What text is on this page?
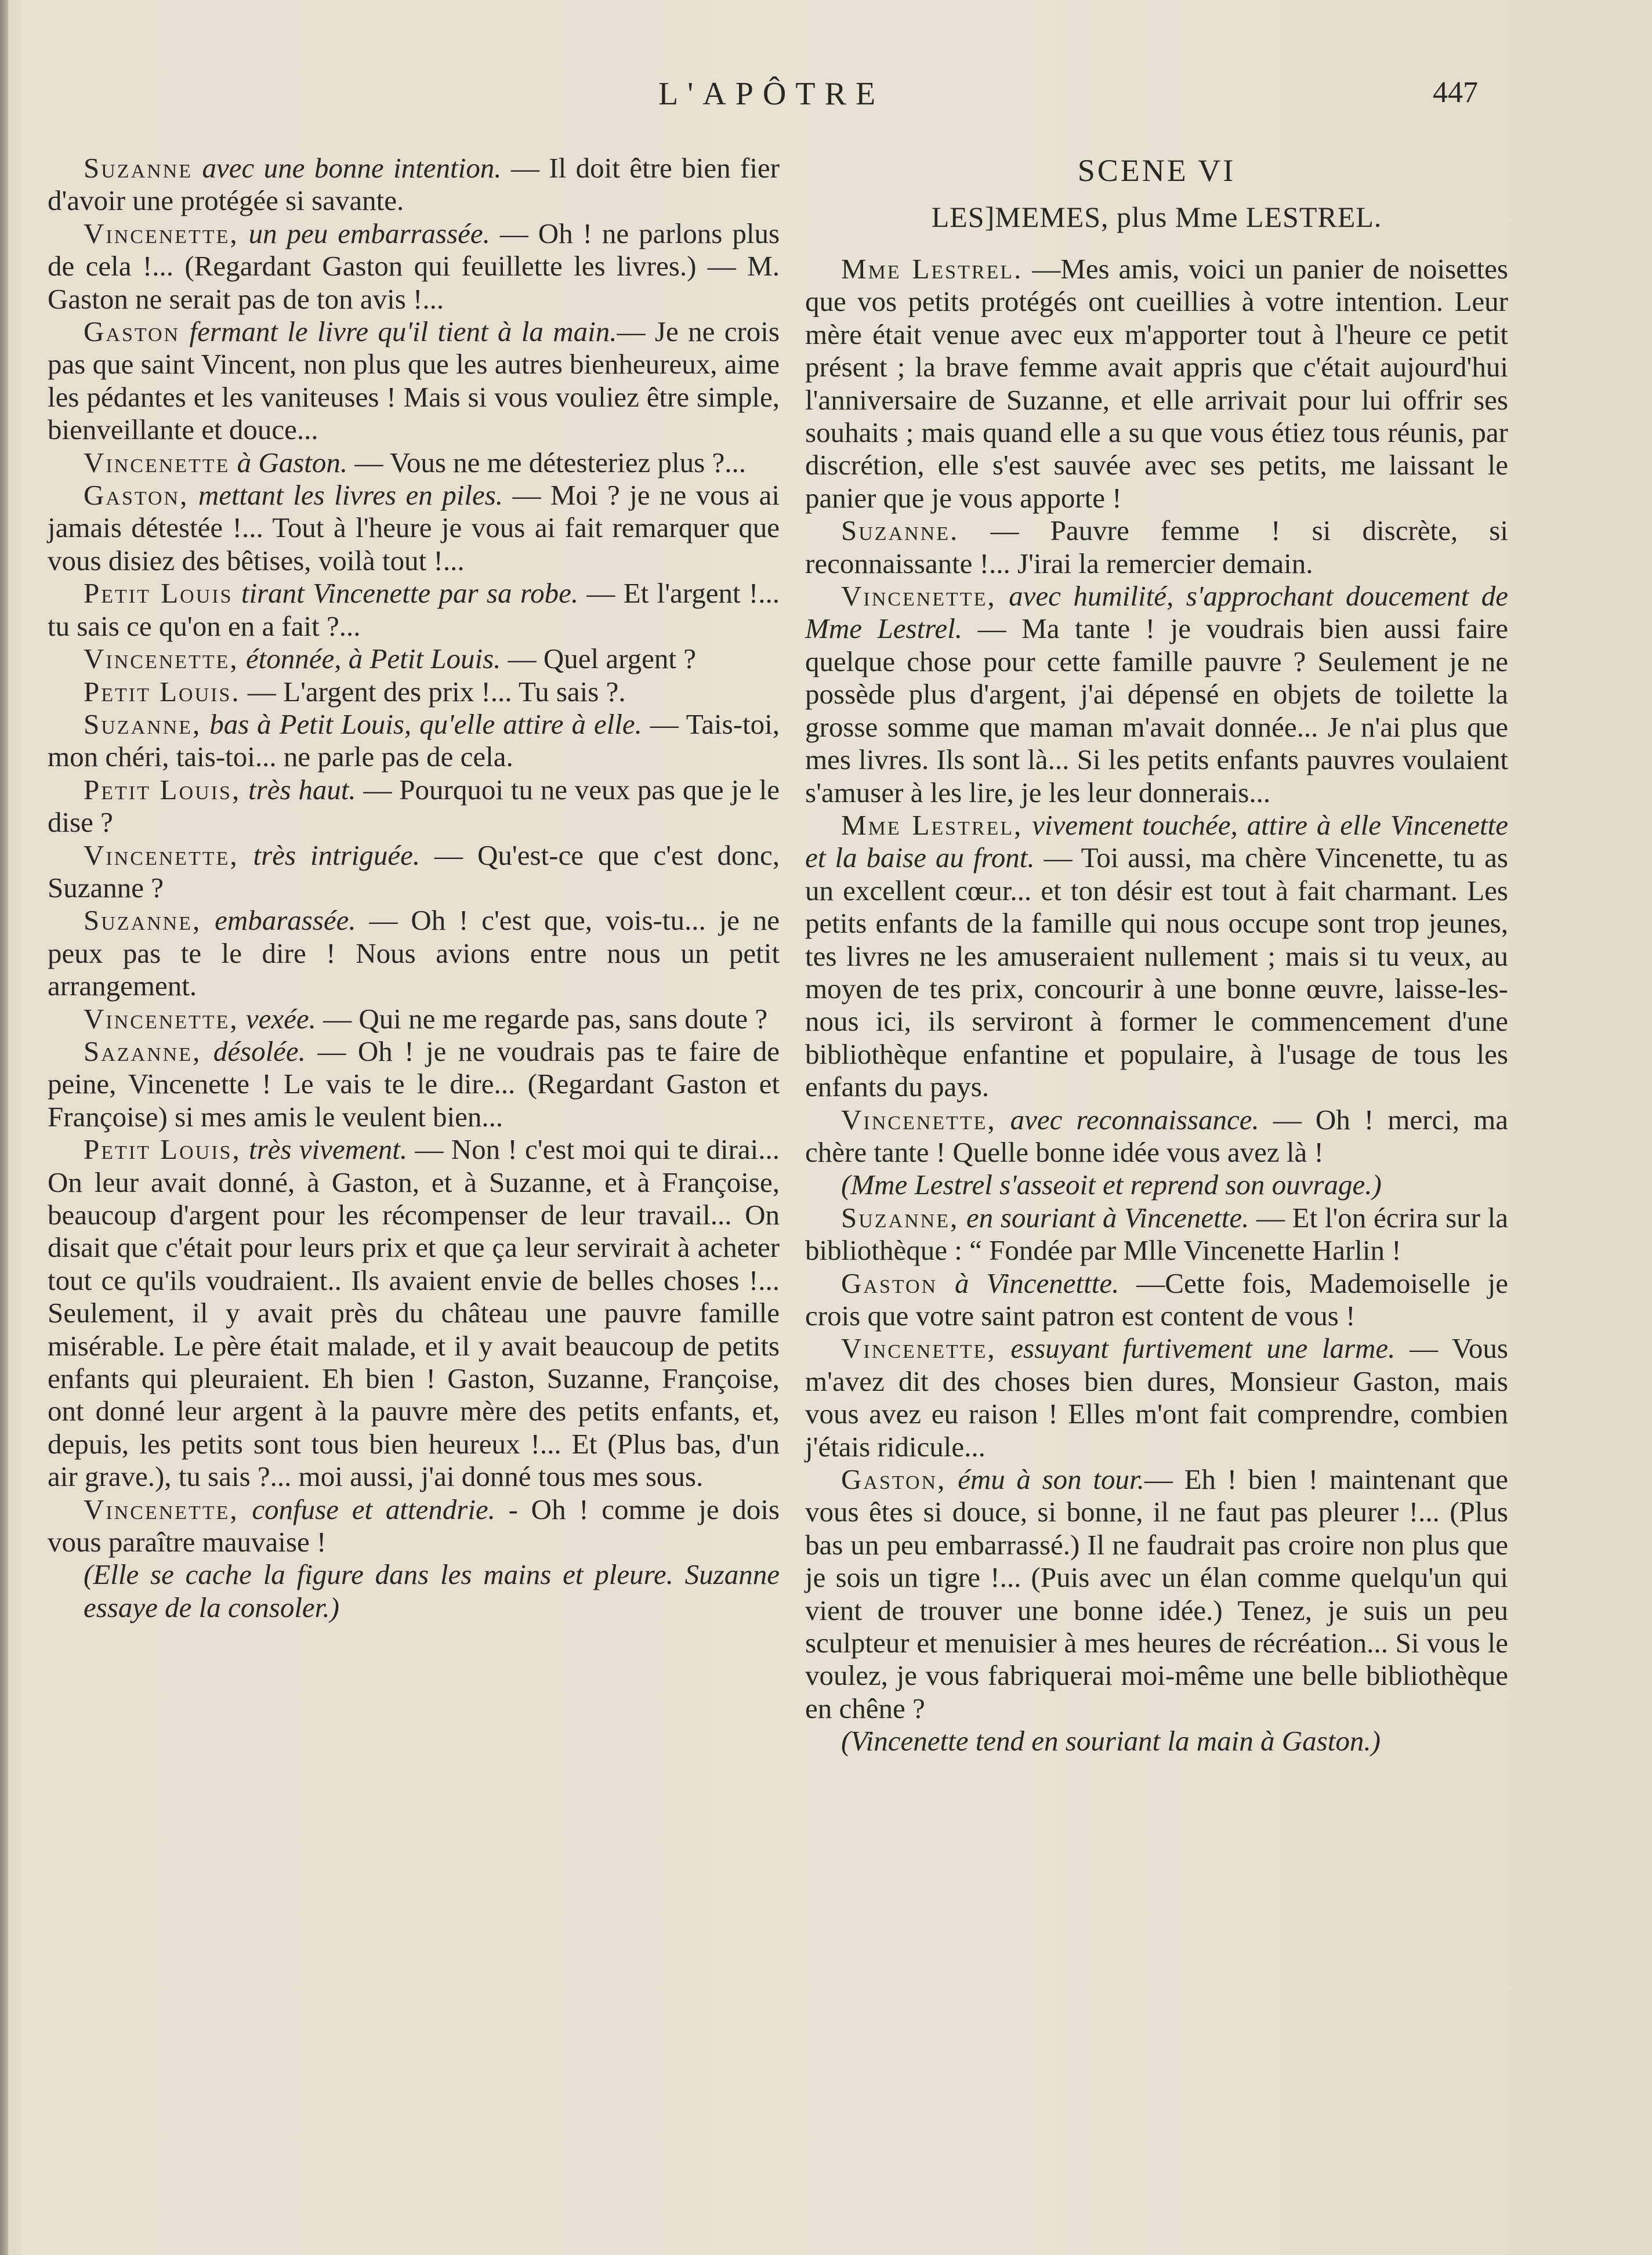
L'APÔTRE	447

Suzanne avec une bonne intention. — Il doit être bien fier d'avoir une protégée si savante.

Vincenette, un peu embarrassée. — Oh ! ne parlons plus de cela !... (Regardant Gaston qui feuillette les livres.) — M. Gaston ne serait pas de ton avis !...

Gaston fermant le livre qu'il tient à la main.— Je ne crois pas que saint Vincent, non plus que les autres bienheureux, aime les pédantes et les vaniteuses ! Mais si vous vouliez être simple, bienveillante et douce...

Vincenette à Gaston. — Vous ne me détesteriez plus ?...

Gaston, mettant les livres en piles. — Moi ? je ne vous ai jamais détestée !... Tout à l'heure je vous ai fait remarquer que vous disiez des bêtises, voilà tout !...

Petit Louis tirant Vincenette par sa robe. — Et l'argent !... tu sais ce qu'on en a fait ?...

Vincenette, étonnée, à Petit Louis. — Quel argent ?

Petit Louis. — L'argent des prix !... Tu sais ?.

Suzanne, bas à Petit Louis, qu'elle attire à elle. — Tais-toi, mon chéri, tais-toi... ne parle pas de cela.

Petit Louis, très haut. — Pourquoi tu ne veux pas que je le dise ?

Vincenette, très intriguée. — Qu'est-ce que c'est donc, Suzanne ?

Suzanne, embarassée. — Oh ! c'est que, vois-tu... je ne peux pas te le dire ! Nous avions entre nous un petit arrangement.

Vincenette, vexée. — Qui ne me regarde pas, sans doute ?

Sazanne, désolée. — Oh ! je ne voudrais pas te faire de peine, Vincenette ! Le vais te le dire... (Regardant Gaston et Françoise) si mes amis le veulent bien...

Petit Louis, très vivement. — Non ! c'est moi qui te dirai... On leur avait donné, à Gaston, et à Suzanne, et à Françoise, beaucoup d'argent pour les récompenser de leur travail... On disait que c'était pour leurs prix et que ça leur servirait à acheter tout ce qu'ils voudraient.. Ils avaient envie de belles choses !... Seulement, il y avait près du château une pauvre famille misérable. Le père était malade, et il y avait beaucoup de petits enfants qui pleuraient. Eh bien ! Gaston, Suzanne, Françoise, ont donné leur argent à la pauvre mère des petits enfants, et, depuis, les petits sont tous bien heureux !... Et (Plus bas, d'un air grave.), tu sais ?... moi aussi, j'ai donné tous mes sous.

Vincenette, confuse et attendrie. - Oh ! comme je dois vous paraître mauvaise !

(Elle se cache la figure dans les mains et pleure. Suzanne essaye de la consoler.)

SCENE VI

LES]MEMES, plus Mme LESTREL.

Mme Lestrel. —Mes amis, voici un panier de noisettes que vos petits protégés ont cueillies à votre intention. Leur mère était venue avec eux m'apporter tout à l'heure ce petit présent ; la brave femme avait appris que c'était aujourd'hui l'anniversaire de Suzanne, et elle arrivait pour lui offrir ses souhaits ; mais quand elle a su que vous étiez tous réunis, par discrétion, elle s'est sauvée avec ses petits, me laissant le panier que je vous apporte !

Suzanne. — Pauvre femme ! si discrète, si reconnaissante !... J'irai la remercier demain.

Vincenette, avec humilité, s'approchant doucement de Mme Lestrel. — Ma tante ! je voudrais bien aussi faire quelque chose pour cette famille pauvre ? Seulement je ne possède plus d'argent, j'ai dépensé en objets de toilette la grosse somme que maman m'avait donnée... Je n'ai plus que mes livres. Ils sont là... Si les petits enfants pauvres voulaient s'amuser à les lire, je les leur donnerais...

Mme Lestrel, vivement touchée, attire à elle Vincenette et la baise au front. — Toi aussi, ma chère Vincenette, tu as un excellent cœur... et ton désir est tout à fait charmant. Les petits enfants de la famille qui nous occupe sont trop jeunes, tes livres ne les amuseraient nullement ; mais si tu veux, au moyen de tes prix, concourir à une bonne œuvre, laisse-les-nous ici, ils serviront à former le commencement d'une bibliothèque enfantine et populaire, à l'usage de tous les enfants du pays.

Vincenette, avec reconnaissance. — Oh ! merci, ma chère tante ! Quelle bonne idée vous avez là !

(Mme Lestrel s'asseoit et reprend son ouvrage.)

Suzanne, en souriant à Vincenette. — Et l'on écrira sur la bibliothèque : “ Fondée par Mlle Vincenette Harlin !

Gaston à Vincenettte. —Cette fois, Mademoiselle je crois que votre saint patron est content de vous !

Vincenette, essuyant furtivement une larme. — Vous m'avez dit des choses bien dures, Monsieur Gaston, mais vous avez eu raison ! Elles m'ont fait comprendre, combien j'étais ridicule...

Gaston, ému à son tour.— Eh ! bien ! maintenant que vous êtes si douce, si bonne, il ne faut pas pleurer !... (Plus bas un peu embarrassé.) Il ne faudrait pas croire non plus que je sois un tigre !... (Puis avec un élan comme quelqu'un qui vient de trouver une bonne idée.) Tenez, je suis un peu sculpteur et menuisier à mes heures de récréation... Si vous le voulez, je vous fabriquerai moi-même une belle bibliothèque en chêne ?

(Vincenette tend en souriant la main à Gaston.)
